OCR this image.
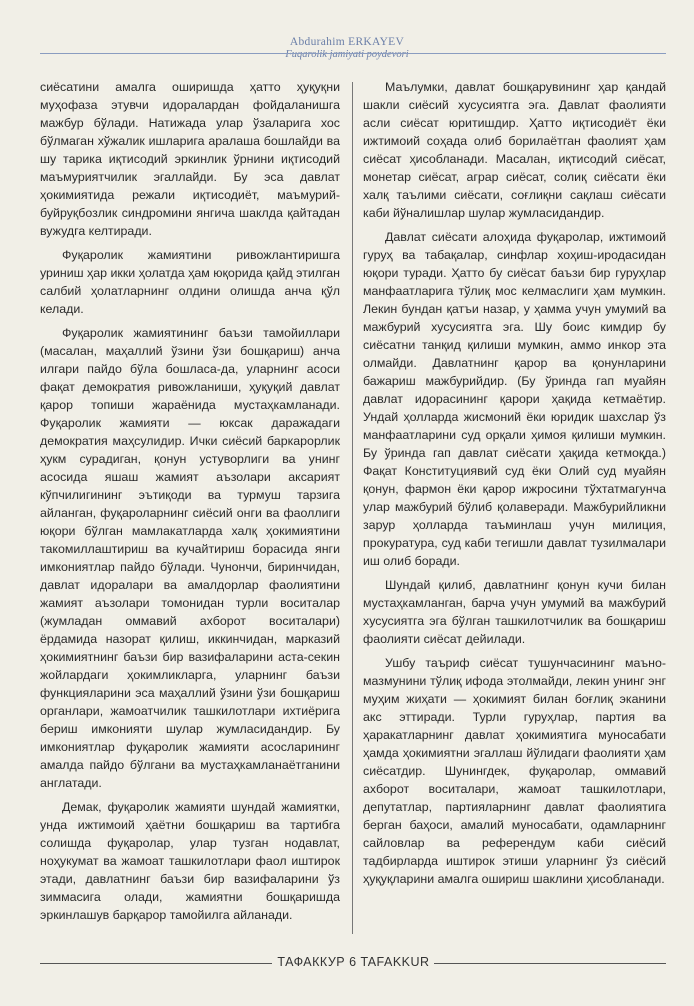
Abdurahim ERKAYEV
Fuqarolik jamiyati poydevori

сиёсатини амалга оширишда ҳатто ҳуқуқни муҳофаза этувчи идоралардан фойдаланишга мажбур бўлади. Натижада улар ўзаларига хос бўлмаган хўжалик ишларига аралаша бошлайди ва шу тарика иқтисодий эркинлик ўрнини иқтисодий маъмуриятчилик эгаллайди. Бу эса давлат ҳокимиятида режали иқтисодиёт, маъмурий-буйруқбозлик синдромини янгича шаклда қайтадан вужудга келтиради.

Фуқаролик жамиятини ривожлантиришга уриниш ҳар икки ҳолатда ҳам юқорида қайд этилган салбий ҳолатларнинг олдини олишда анча қўл келади.

Фуқаролик жамиятининг баъзи тамойиллари (масалан, маҳаллий ўзини ўзи бошқариш) анча илгари пайдо бўла бошласа-да, уларнинг асоси фақат демократия ривожланиши, ҳуқуқий давлат қарор топиши жараёнида мустаҳкамланади. Фуқаролик жамияти — юксак даражадаги демократия маҳсулидир. Ички сиёсий баркарорлик ҳукм сурадиган, қонун устуворлиги ва унинг асосида яшаш жамият аъзолари аксарият кўпчилигининг эътиқоди ва турмуш тарзига айланган, фуқароларнинг сиёсий онги ва фаоллиги юқори бўлган мамлакатларда халқ ҳокимиятини такомиллаштириш ва кучайтириш борасида янги имкониятлар пайдо бўлади. Чунончи, биринчидан, давлат идоралари ва амалдорлар фаолиятини жамият аъзолари томонидан турли воситалар (жумладан оммавий ахборот воситалари) ёрдамида назорат қилиш, иккинчидан, марказий ҳокимиятнинг баъзи бир вазифаларини аста-секин жойлардаги ҳокимликларга, уларнинг баъзи функцияларини эса маҳаллий ўзини ўзи бошқариш органлари, жамоатчилик ташкилотлари ихтиёрига бериш имконияти шулар жумласидандир. Бу имкониятлар фуқаролик жамияти асосларининг амалда пайдо бўлгани ва мустаҳкамланаётганини англатади.

Демак, фуқаролик жамияти шундай жамиятки, унда ижтимоий ҳаётни бошқариш ва тартибга солишда фуқаролар, улар тузган нодавлат, ноҳукумат ва жамоат ташкилотлари фаол иштирок этади, давлатнинг баъзи бир вазифаларини ўз зиммасига олади, жамиятни бошқаришда эркинлашув барқарор тамойилга айланади.

Маълумки, давлат бошқарувининг ҳар қандай шакли сиёсий хусусиятга эга. Давлат фаолияти асли сиёсат юритишдир. Ҳатто иқтисодиёт ёки ижтимоий соҳада олиб борилаётган фаолият ҳам сиёсат ҳисобланади. Масалан, иқтисодий сиёсат, монетар сиёсат, аграр сиёсат, солиқ сиёсати ёки халқ таълими сиёсати, соғлиқни сақлаш сиёсати каби йўналишлар шулар жумласидандир.

Давлат сиёсати алоҳида фуқаролар, ижтимоий гуруҳ ва табақалар, синфлар хоҳиш-иродасидан юқори туради. Ҳатто бу сиёсат баъзи бир гуруҳлар манфаатларига тўлиқ мос келмаслиги ҳам мумкин. Лекин бундан қатъи назар, у ҳамма учун умумий ва мажбурий хусусиятга эга. Шу боис кимдир бу сиёсатни танқид қилиши мумкин, аммо инкор эта олмайди. Давлатнинг қарор ва қонунларини бажариш мажбурийдир. (Бу ўринда гап муайян давлат идорасининг қарори ҳақида кетмаётир. Ундай ҳолларда жисмоний ёки юридик шахслар ўз манфаатларини суд орқали ҳимоя қилиши мумкин. Бу ўринда гап давлат сиёсати ҳақида кетмоқда.) Фақат Конституциявий суд ёки Олий суд муайян қонун, фармон ёки қарор ижросини тўхтатмагунча улар мажбурий бўлиб қолаверади. Мажбурийликни зарур ҳолларда таъминлаш учун милиция, прокуратура, суд каби тегишли давлат тузилмалари иш олиб боради.

Шундай қилиб, давлатнинг қонун кучи билан мустаҳкамланган, барча учун умумий ва мажбурий хусусиятга эга бўлган ташкилотчилик ва бошқариш фаолияти сиёсат дейилади.

Ушбу таъриф сиёсат тушунчасининг маъно-мазмунини тўлиқ ифода этолмайди, лекин унинг энг муҳим жиҳати — ҳокимият билан боғлиқ эканини акс эттиради. Турли гуруҳлар, партия ва ҳаракатларнинг давлат ҳокимиятига муносабати ҳамда ҳокимиятни эгаллаш йўлидаги фаолияти ҳам сиёсатдир. Шунингдек, фуқаролар, оммавий ахборот воситалари, жамоат ташкилотлари, депутатлар, партияларнинг давлат фаолиятига берган баҳоси, амалий муносабати, одамларнинг сайловлар ва референдум каби сиёсий тадбирларда иштирок этиши уларнинг ўз сиёсий ҳуқуқларини амалга ошириш шаклини ҳисобланади.

ТАФАККУР 6 TAFAKKUR
